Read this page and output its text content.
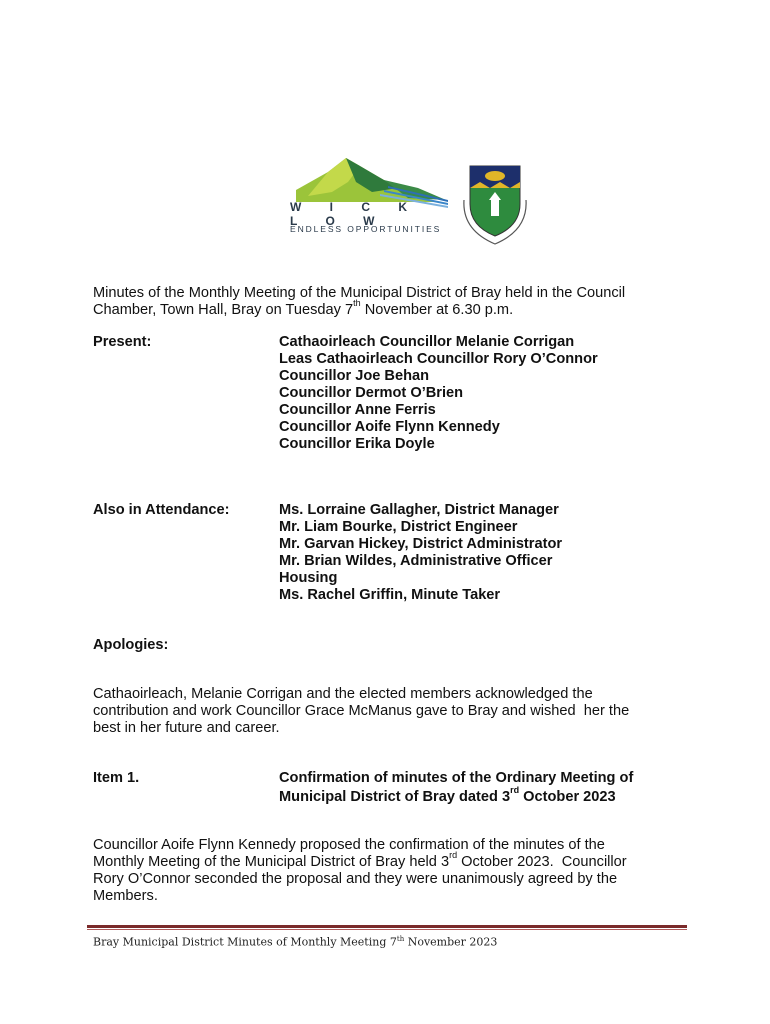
W I C K L O W
ENDLESS OPPORTUNITIES
Minutes of the Monthly Meeting of the Municipal District of Bray held in the Council
Chamber, Town Hall, Bray on Tuesday 7th November at 6.30 p.m.
Present:	Cathaoirleach Councillor Melanie Corrigan
Leas Cathaoirleach Councillor Rory O’Connor
Councillor Joe Behan
Councillor Dermot O’Brien
Councillor Anne Ferris
Councillor Aoife Flynn Kennedy
Councillor Erika Doyle
Also in Attendance:	Ms. Lorraine Gallagher, District Manager
Mr. Liam Bourke, District Engineer
Mr. Garvan Hickey, District Administrator
Mr. Brian Wildes, Administrative Officer
Housing
Ms. Rachel Griffin, Minute Taker
Apologies:
Cathaoirleach, Melanie Corrigan and the elected members acknowledged the
contribution and work Councillor Grace McManus gave to Bray and wished  her the
best in her future and career.
Item 1.	Confirmation of minutes of the Ordinary Meeting of
Municipal District of Bray dated 3rd October 2023
Councillor Aoife Flynn Kennedy proposed the confirmation of the minutes of the
Monthly Meeting of the Municipal District of Bray held 3rd October 2023.  Councillor
Rory O’Connor seconded the proposal and they were unanimously agreed by the
Members.
Bray Municipal District Minutes of Monthly Meeting 7th November 2023
